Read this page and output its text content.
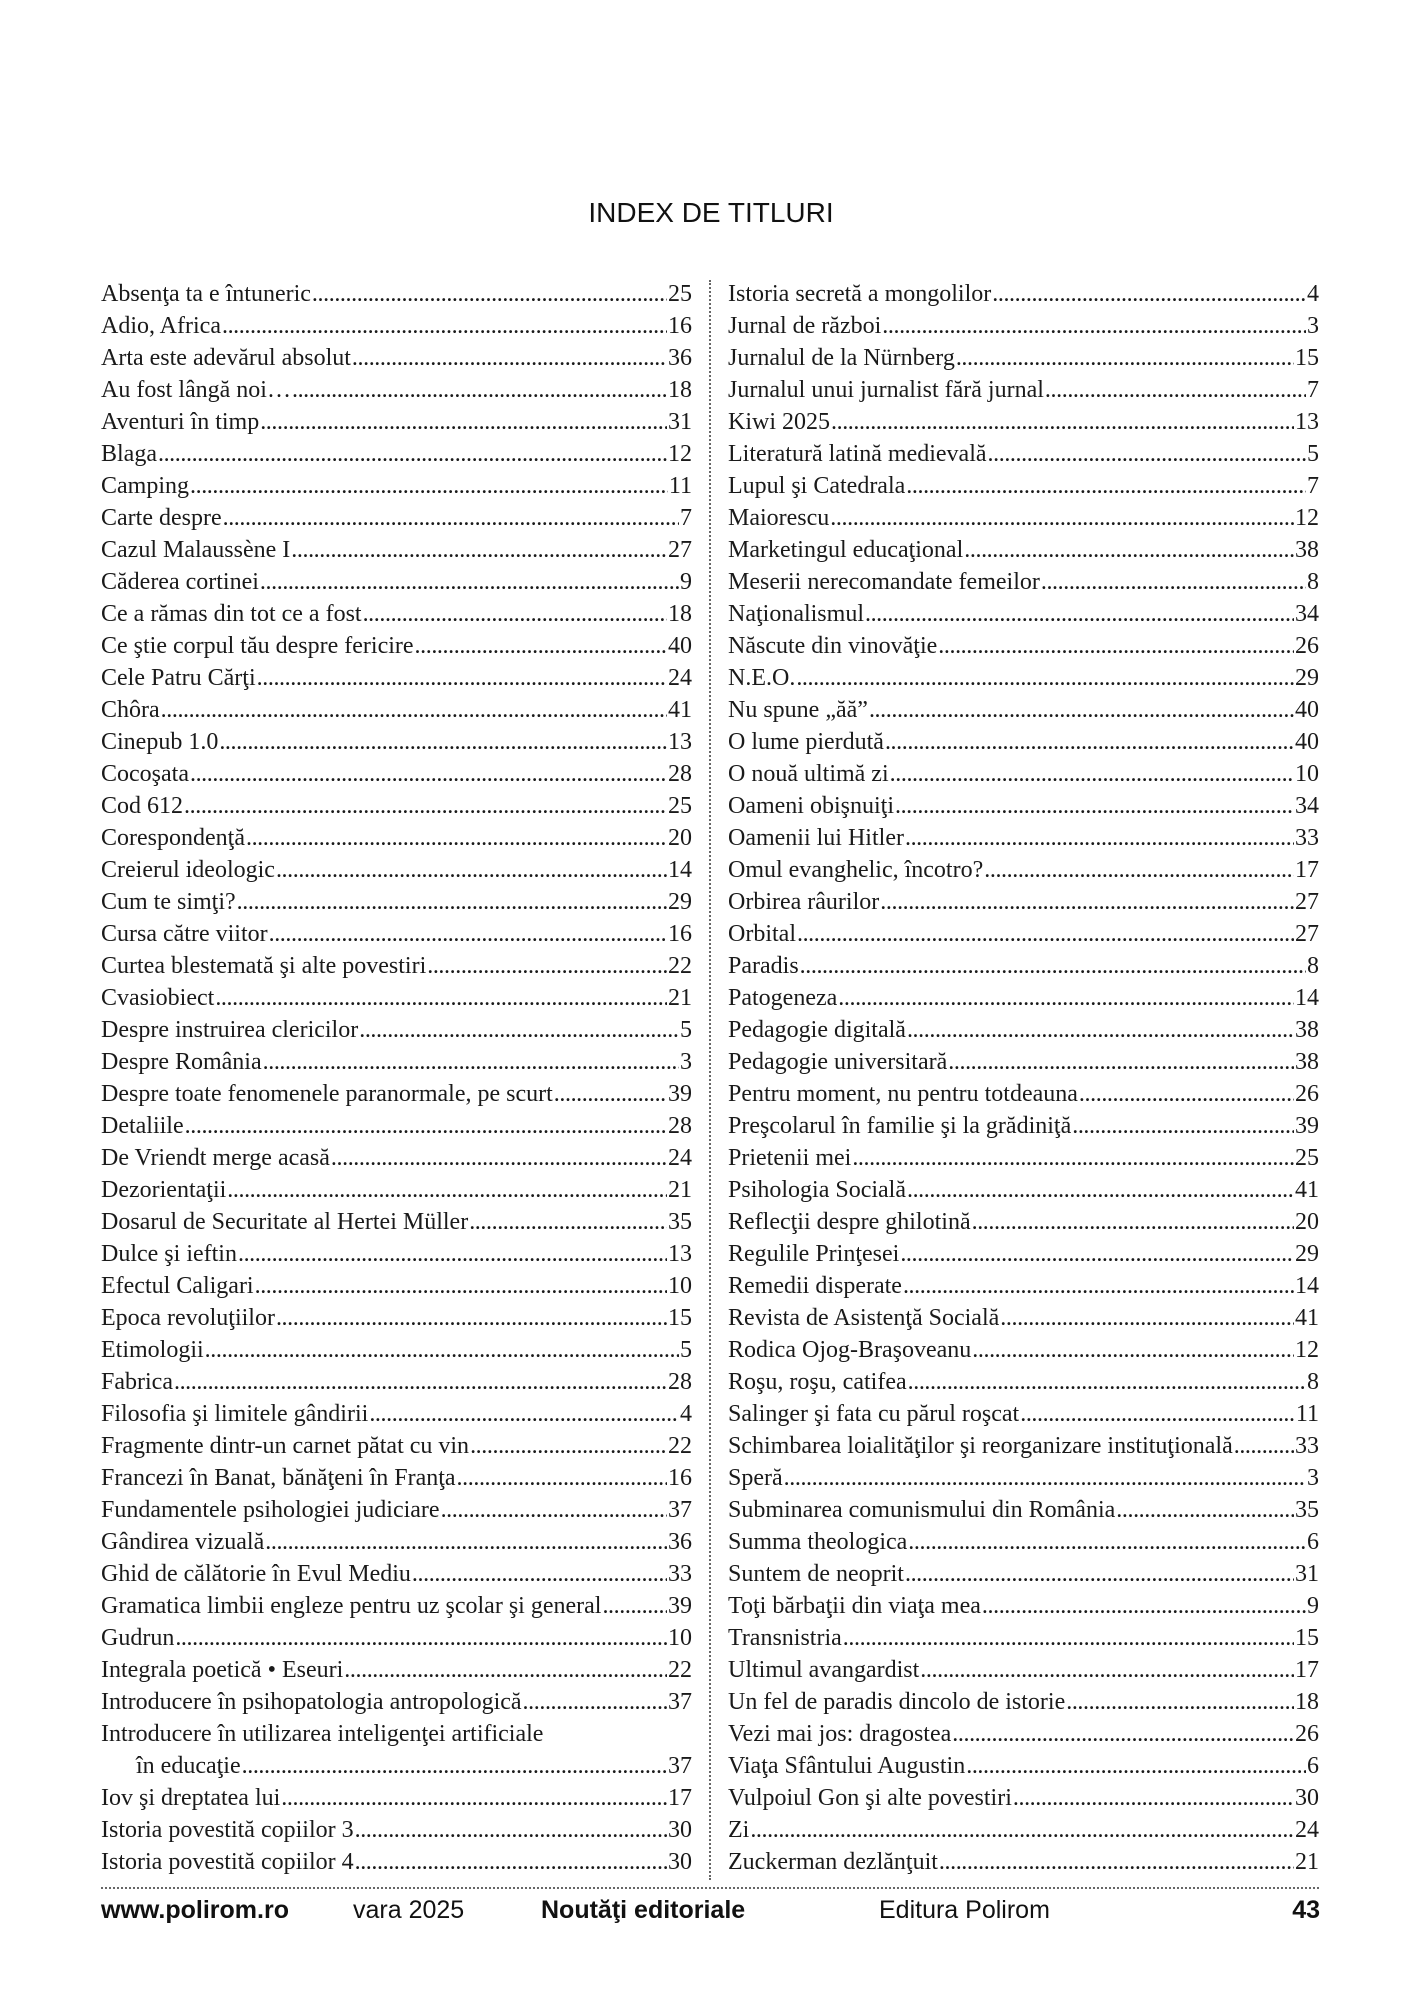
INDEX DE TITLURI
Absenţa ta e întuneric .....	25
Adio, Africa .....	16
Arta este adevărul absolut .....	36
Au fost lângă noi… .....	18
Aventuri în timp .....	31
Blaga .....	12
Camping .....	11
Carte despre .....	7
Cazul Malaussène I .....	27
Căderea cortinei .....	9
Ce a rămas din tot ce a fost .....	18
Ce ştie corpul tău despre fericire .....	40
Cele Patru Cărţi .....	24
Chôra .....	41
Cinepub 1.0 .....	13
Cocoşata .....	28
Cod 612 .....	25
Corespondenţă .....	20
Creierul ideologic .....	14
Cum te simţi? .....	29
Cursa către viitor .....	16
Curtea blestemată şi alte povestiri .....	22
Cvasiobiect .....	21
Despre instruirea clericilor .....	5
Despre România .....	3
Despre toate fenomenele paranormale, pe scurt .....	39
Detaliile .....	28
De Vriendt merge acasă .....	24
Dezorientaţii .....	21
Dosarul de Securitate al Hertei Müller .....	35
Dulce şi ieftin .....	13
Efectul Caligari .....	10
Epoca revoluţiilor .....	15
Etimologii .....	5
Fabrica .....	28
Filosofia şi limitele gândirii .....	4
Fragmente dintr-un carnet pătat cu vin .....	22
Francezi în Banat, bănăţeni în Franţa .....	16
Fundamentele psihologiei judiciare .....	37
Gândirea vizuală .....	36
Ghid de călătorie în Evul Mediu .....	33
Gramatica limbii engleze pentru uz şcolar şi general .....	39
Gudrun .....	10
Integrala poetică • Eseuri .....	22
Introducere în psihopatologia antropologică .....	37
Introducere în utilizarea inteligenţei artificiale
în educaţie .....	37
Iov şi dreptatea lui .....	17
Istoria povestită copiilor 3 .....	30
Istoria povestită copiilor 4 .....	30
Istoria secretă a mongolilor .....	4
Jurnal de război .....	3
Jurnalul de la Nürnberg .....	15
Jurnalul unui jurnalist fără jurnal .....	7
Kiwi 2025 .....	13
Literatură latină medievală .....	5
Lupul şi Catedrala .....	7
Maiorescu .....	12
Marketingul educaţional .....	38
Meserii nerecomandate femeilor .....	8
Naţionalismul .....	34
Născute din vinovăţie .....	26
N.E.O. .....	29
Nu spune „ăă” .....	40
O lume pierdută .....	40
O nouă ultimă zi .....	10
Oameni obişnuiţi .....	34
Oamenii lui Hitler .....	33
Omul evanghelic, încotro? .....	17
Orbirea râurilor .....	27
Orbital .....	27
Paradis .....	8
Patogeneza .....	14
Pedagogie digitală .....	38
Pedagogie universitară .....	38
Pentru moment, nu pentru totdeauna .....	26
Preşcolarul în familie şi la grădiniţă .....	39
Prietenii mei .....	25
Psihologia Socială .....	41
Reflecţii despre ghilotină .....	20
Regulile Prinţesei .....	29
Remedii disperate .....	14
Revista de Asistenţă Socială .....	41
Rodica Ojog-Braşoveanu .....	12
Roşu, roşu, catifea .....	8
Salinger şi fata cu părul roşcat .....	11
Schimbarea loialităţilor şi reorganizare instituţională .....	33
Speră .....	3
Subminarea comunismului din România .....	35
Summa theologica .....	6
Suntem de neoprit .....	31
Toţi bărbaţii din viaţa mea .....	9
Transnistria .....	15
Ultimul avangardist .....	17
Un fel de paradis dincolo de istorie .....	18
Vezi mai jos: dragostea .....	26
Viaţa Sfântului Augustin .....	6
Vulpoiul Gon şi alte povestiri .....	30
Zi .....	24
Zuckerman dezlănţuit .....	21
www.polirom.ro	vara 2025	Noutăţi editoriale	Editura Polirom	43
